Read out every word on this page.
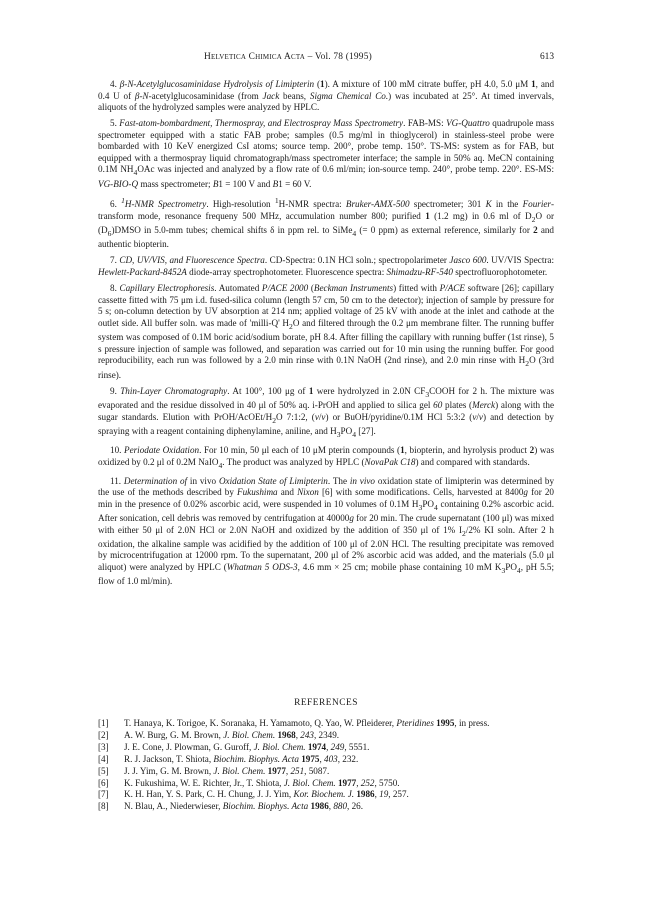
Helvetica Chimica Acta – Vol. 78 (1995)	613

4. β-N-Acetylglucosaminidase Hydrolysis of Limipterin (1). A mixture of 100 mM citrate buffer, pH 4.0, 5.0 μM 1, and 0.4 U of β-N-acetylglucosaminidase (from Jack beans, Sigma Chemical Co.) was incubated at 25°. At timed invervals, aliquots of the hydrolyzed samples were analyzed by HPLC.

5. Fast-atom-bombardment, Thermospray, and Electrospray Mass Spectrometry. FAB-MS: VG-Quattro quadrupole mass spectrometer equipped with a static FAB probe; samples (0.5 mg/ml in thioglycerol) in stainless-steel probe were bombarded with 10 KeV energized CsI atoms; source temp. 200°, probe temp. 150°. TS-MS: system as for FAB, but equipped with a thermospray liquid chromatograph/mass spectrometer interface; the sample in 50% aq. MeCN containing 0.1M $NH_4OAc$ was injected and analyzed by a flow rate of 0.6 ml/min; ion-source temp. 240°, probe temp. 220°. ES-MS: VG-BIO-Q mass spectrometer; B1 = 100 V and B1 = 60 V.

6. $^1$H-NMR Spectrometry. High-resolution $^1$H-NMR spectra: Bruker-AMX-500 spectrometer; 301 K in the Fourier-transform mode, resonance frequeny 500 MHz, accumulation number 800; purified 1 (1.2 mg) in 0.6 ml of $D_2O$ or $(D_6)DMSO$ in 5.0-mm tubes; chemical shifts δ in ppm rel. to SiMe$_4$ (= 0 ppm) as external reference, similarly for 2 and authentic biopterin.

7. CD, UV/VIS, and Fluorescence Spectra. CD-Spectra: 0.1N HCl soln.; spectropolarimeter Jasco 600. UV/VIS Spectra: Hewlett-Packard-8452A diode-array spectrophotometer. Fluorescence spectra: Shimadzu-RF-540 spectrofluorophotometer.

8. Capillary Electrophoresis. Automated P/ACE 2000 (Beckman Instruments) fitted with P/ACE software [26]; capillary cassette fitted with 75 μm i.d. fused-silica column (length 57 cm, 50 cm to the detector); injection of sample by pressure for 5 s; on-column detection by UV absorption at 214 nm; applied voltage of 25 kV with anode at the inlet and cathode at the outlet side. All buffer soln. was made of 'milli-Q' $H_2O$ and filtered through the 0.2 μm membrane filter. The running buffer system was composed of 0.1M boric acid/sodium borate, pH 8.4. After filling the capillary with running buffer (1st rinse), 5 s pressure injection of sample was followed, and separation was carried out for 10 min using the running buffer. For good reproducibility, each run was followed by a 2.0 min rinse with 0.1N NaOH (2nd rinse), and 2.0 min rinse with $H_2O$ (3rd rinse).

9. Thin-Layer Chromatography. At 100°, 100 μg of 1 were hydrolyzed in 2.0N $CF_3COOH$ for 2 h. The mixture was evaporated and the residue dissolved in 40 μl of 50% aq. i-PrOH and applied to silica gel 60 plates (Merck) along with the sugar standards. Elution with PrOH/$AcOEt/H_2O$ 7:1:2, (v/v) or BuOH/pyridine/0.1M HCl 5:3:2 (v/v) and detection by spraying with a reagent containing diphenylamine, aniline, and $H_3PO_4$ [27].

10. Periodate Oxidation. For 10 min, 50 μl each of 10 μM pterin compounds (1, biopterin, and hyrolysis product 2) was oxidized by 0.2 μl of 0.2M NaIO$_4$. The product was analyzed by HPLC (NovaPak C18) and compared with standards.

11. Determination of in vivo Oxidation State of Limipterin. The in vivo oxidation state of limipterin was determined by the use of the methods described by Fukushima and Nixon [6] with some modifications. Cells, harvested at 8400g for 20 min in the presence of 0.02% ascorbic acid, were suspended in 10 volumes of 0.1M $H_3PO_4$ containing 0.2% ascorbic acid. After sonication, cell debris was removed by centrifugation at 40000g for 20 min. The crude supernatant (100 μl) was mixed with either 50 μl of 2.0N HCl or 2.0N NaOH and oxidized by the addition of 350 μl of 1% $I_2/2\%$ KI soln. After 2 h oxidation, the alkaline sample was acidified by the addition of 100 μl of 2.0N HCl. The resulting precipitate was removed by microcentrifugation at 12000 rpm. To the supernatant, 200 μl of 2% ascorbic acid was added, and the materials (5.0 μl aliquot) were analyzed by HPLC (Whatman 5 ODS-3, 4.6 mm × 25 cm; mobile phase containing 10 mM $K_3PO_4$, pH 5.5; flow of 1.0 ml/min).

REFERENCES
[1]	T. Hanaya, K. Torigoe, K. Soranaka, H. Yamamoto, Q. Yao, W. Pfleiderer, Pteridines 1995, in press.
[2]	A. W. Burg, G. M. Brown, J. Biol. Chem. 1968, 243, 2349.
[3]	J. E. Cone, J. Plowman, G. Guroff, J. Biol. Chem. 1974, 249, 5551.
[4]	R. J. Jackson, T. Shiota, Biochim. Biophys. Acta 1975, 403, 232.
[5]	J. J. Yim, G. M. Brown, J. Biol. Chem. 1977, 251, 5087.
[6]	K. Fukushima, W. E. Richter, Jr., T. Shiota, J. Biol. Chem. 1977, 252, 5750.
[7]	K. H. Han, Y. S. Park, C. H. Chung, J. J. Yim, Kor. Biochem. J. 1986, 19, 257.
[8]	N. Blau, A., Niederwieser, Biochim. Biophys. Acta 1986, 880, 26.
